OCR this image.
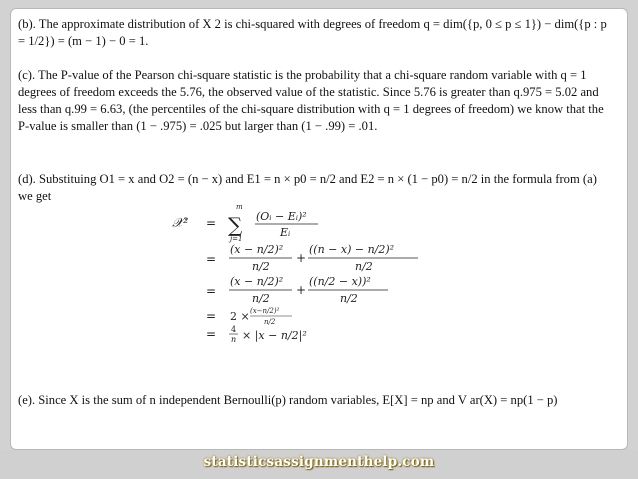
(b). The approximate distribution of X 2 is chi-squared with degrees of freedom q = dim({p, 0 ≤ p ≤ 1}) − dim({p : p = 1/2}) = (m − 1) − 0 = 1.
(c). The P-value of the Pearson chi-square statistic is the probability that a chi-square random variable with q = 1 degrees of freedom exceeds the 5.76, the observed value of the statistic. Since 5.76 is greater than q.975 = 5.02 and less than q.99 = 6.63, (the percentiles of the chi-square distribution with q = 1 degrees of freedom) we know that the P-value is smaller than (1 − .975) = .025 but larger than (1 − .99) = .01.
(d). Substituing O1 = x and O2 = (n − x) and E1 = n × p0 = n/2 and E2 = n × (1 − p0) = n/2 in the formula from (a) we get
𝒳² =
m
∑
j=1
(Oᵢ − Eᵢ)²
Eᵢ
=
(x − n/2)²
n/2
+
((n − x) − n/2)²
n/2
=
(x − n/2)²
n/2
+
((n/2 − x))²
n/2
= 2 × (x−n/2)²
n/2
= 4
n × |x − n/2|²
(e). Since X is the sum of n independent Bernoulli(p) random variables, E[X] = np and V ar(X) = np(1 − p)
statisticsassignmenthelp.com
